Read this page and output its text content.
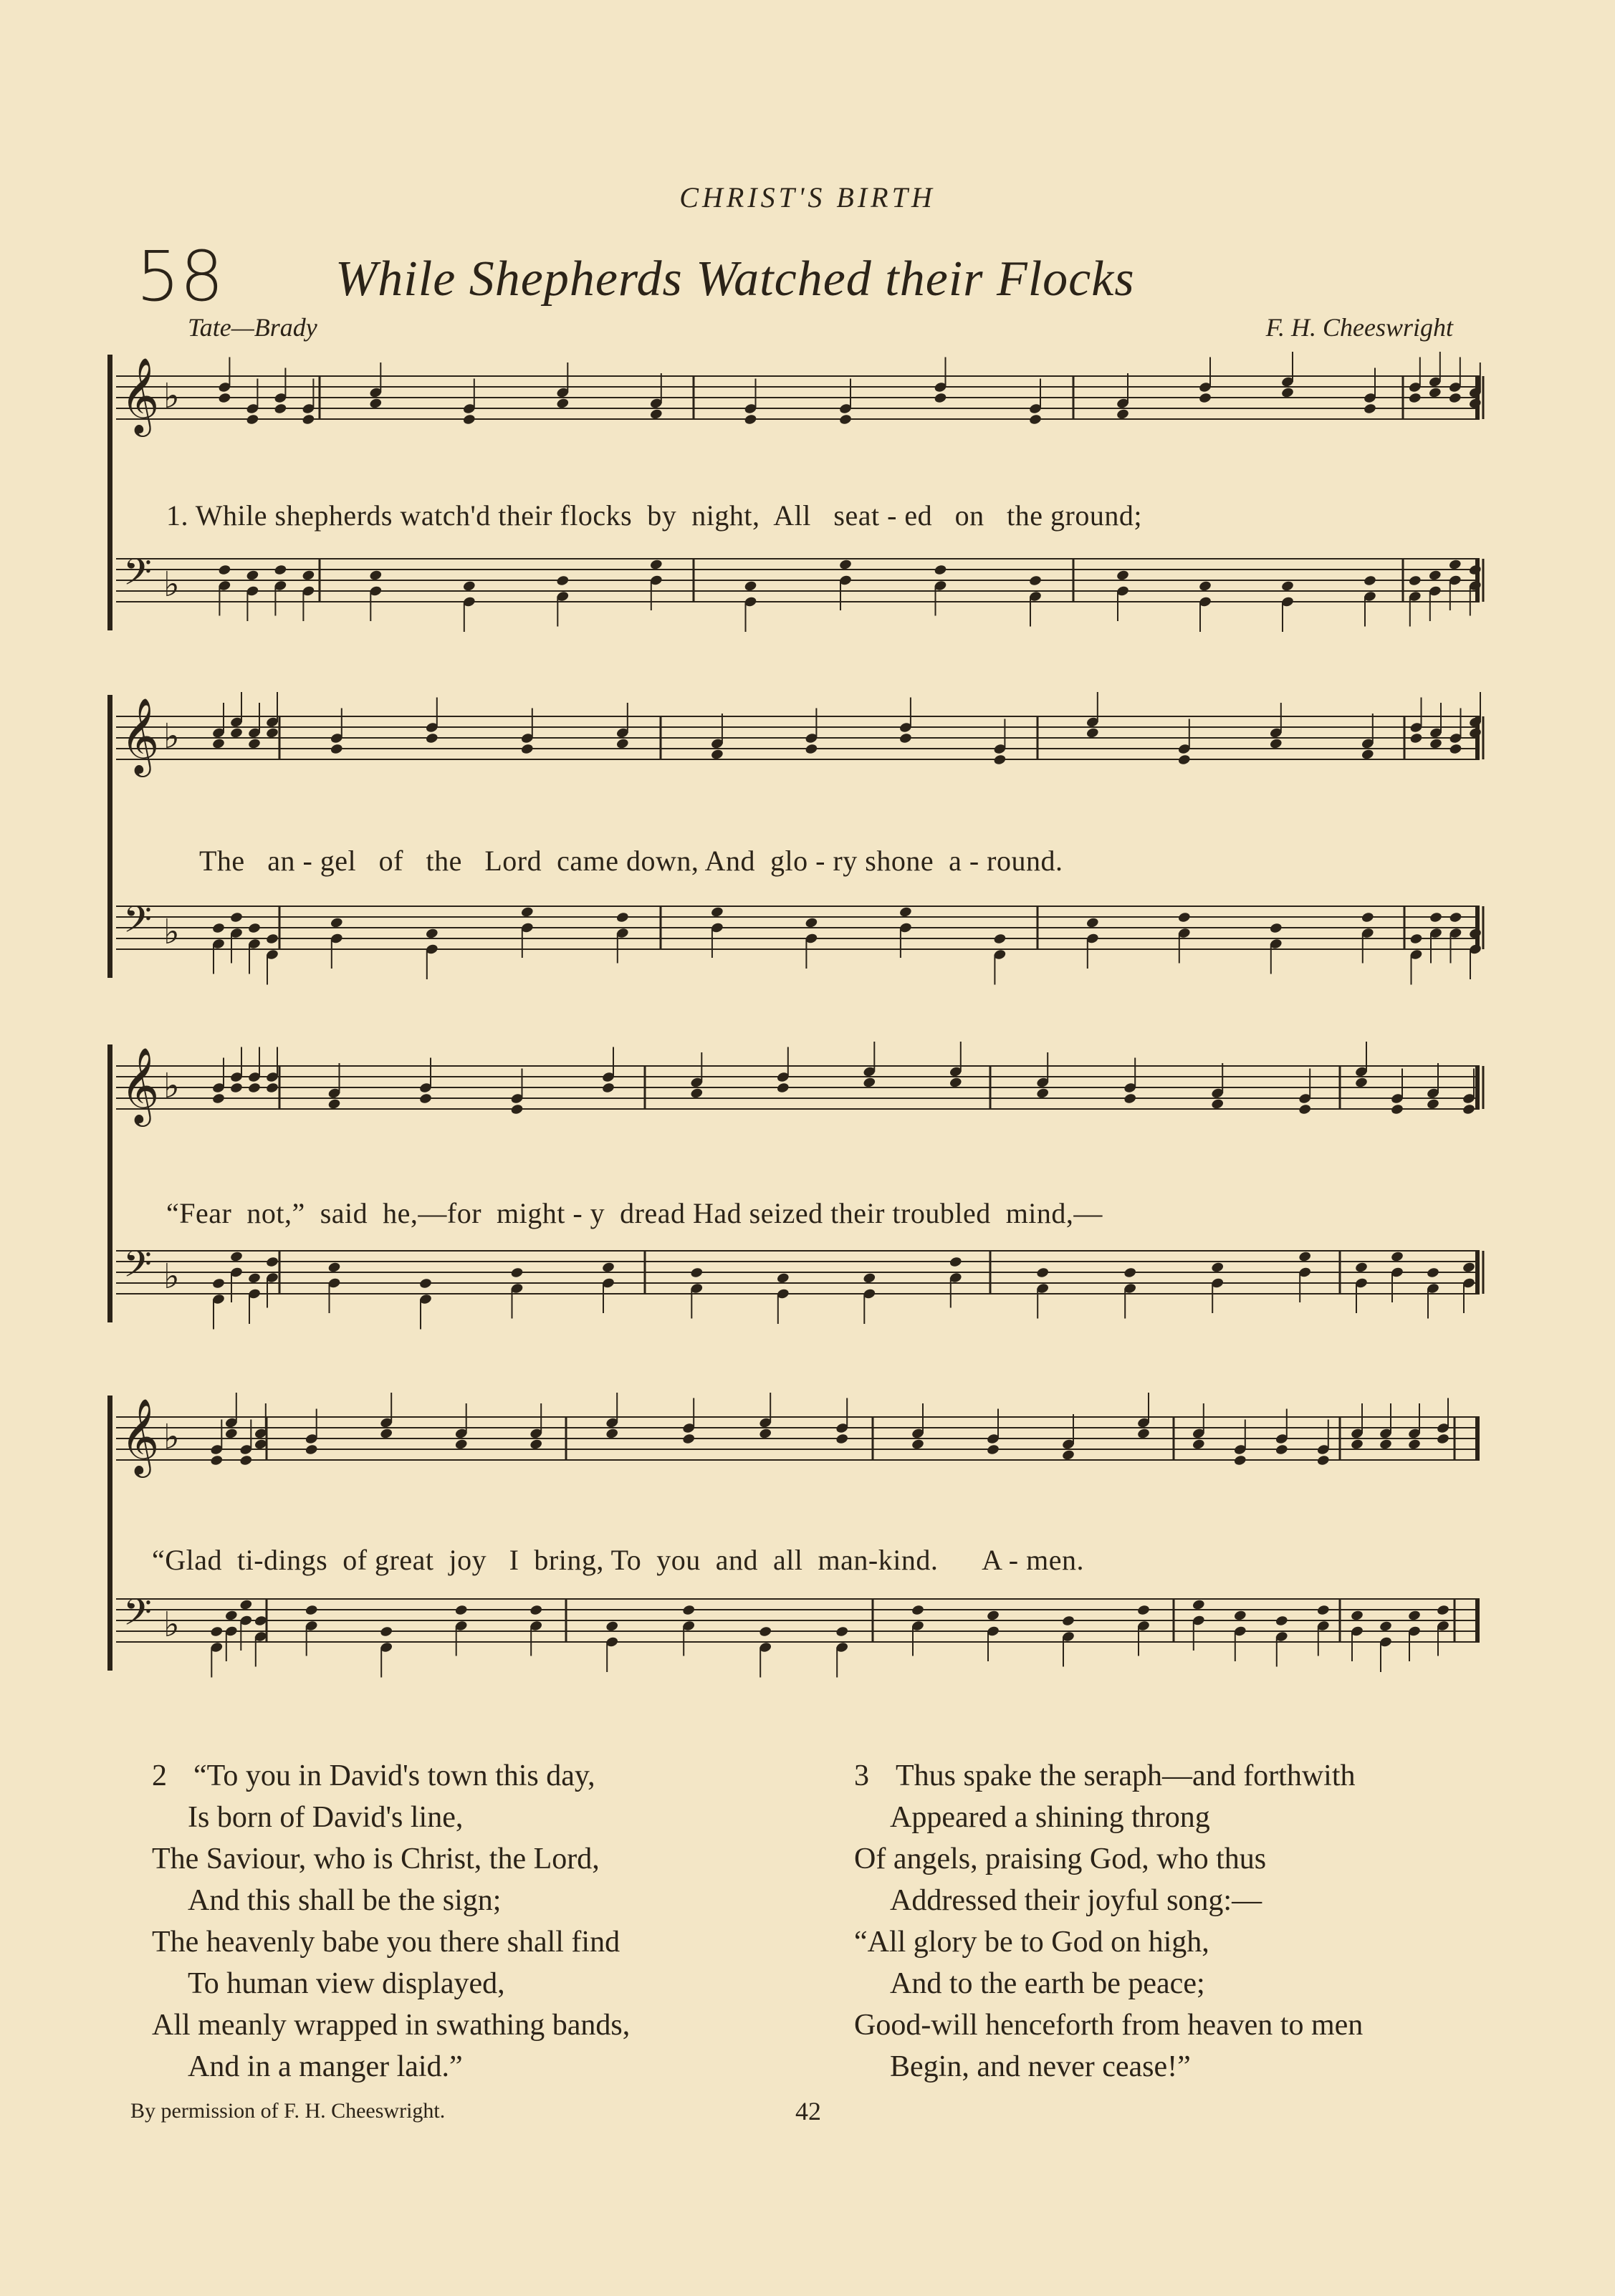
CHRIST'S BIRTH
58 While Shepherds Watched their Flocks
Tate—Brady	F. H. Cheeswright
𝄞
𝄢
♭
♭
𝄞
𝄢
♭
♭
𝄞
𝄢
♭
♭
𝄞
𝄢
♭
♭
1. While shepherds watch'd their flocks  by  night,  All   seat - ed   on   the ground;
The   an - gel   of   the   Lord  came down, And  glo - ry shone  a - round.
“Fear  not,”  said  he,—for  might - y  dread Had seized their troubled  mind,—
“Glad  ti-dings  of great  joy   I  bring, To  you  and  all  man-kind.      A - men.
2 “To you in David's town this day,
Is born of David's line,
The Saviour, who is Christ, the Lord,
And this shall be the sign;
The heavenly babe you there shall find
To human view displayed,
All meanly wrapped in swathing bands,
And in a manger laid.”
3 Thus spake the seraph—and forthwith
Appeared a shining throng
Of angels, praising God, who thus
Addressed their joyful song:—
“All glory be to God on high,
And to the earth be peace;
Good-will henceforth from heaven to men
Begin, and never cease!”
By permission of F. H. Cheeswright.	42
